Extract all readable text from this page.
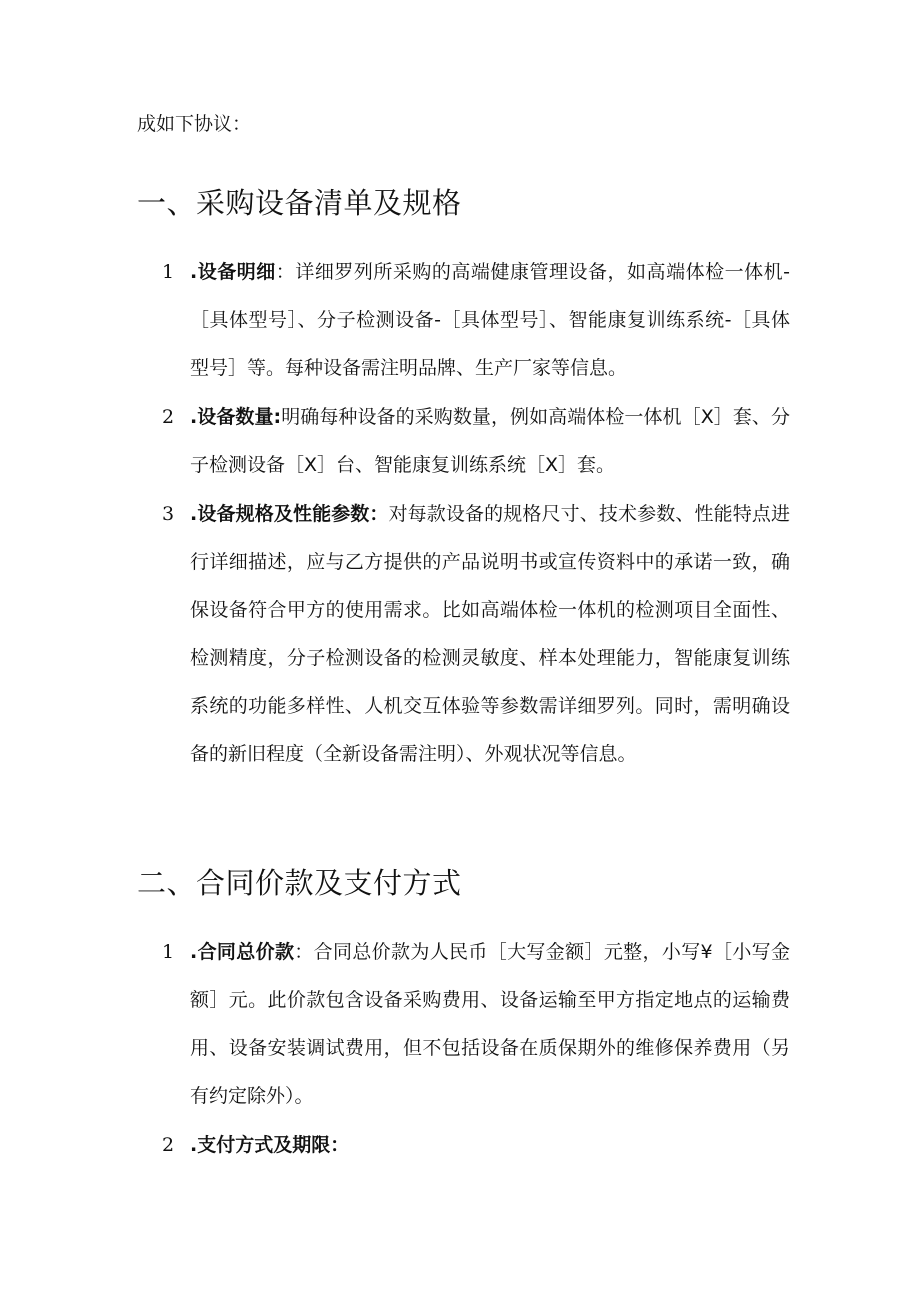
成如下协议：

一、采购设备清单及规格
1 .设备明细：详细罗列所采购的高端健康管理设备，如高端体检一体机-［具体型号］、分子检测设备-［具体型号］、智能康复训练系统-［具体型号］等。每种设备需注明品牌、生产厂家等信息。

2 .设备数量:明确每种设备的采购数量，例如高端体检一体机［X］套、分子检测设备［X］台、智能康复训练系统［X］套。

3 .设备规格及性能参数：对每款设备的规格尺寸、技术参数、性能特点进行详细描述，应与乙方提供的产品说明书或宣传资料中的承诺一致，确保设备符合甲方的使用需求。比如高端体检一体机的检测项目全面性、检测精度，分子检测设备的检测灵敏度、样本处理能力，智能康复训练系统的功能多样性、人机交互体验等参数需详细罗列。同时，需明确设备的新旧程度（全新设备需注明）、外观状况等信息。

二、合同价款及支付方式
1 .合同总价款：合同总价款为人民币［大写金额］元整，小写¥［小写金额］元。此价款包含设备采购费用、设备运输至甲方指定地点的运输费用、设备安装调试费用，但不包括设备在质保期外的维修保养费用（另有约定除外）。

2 .支付方式及期限：
